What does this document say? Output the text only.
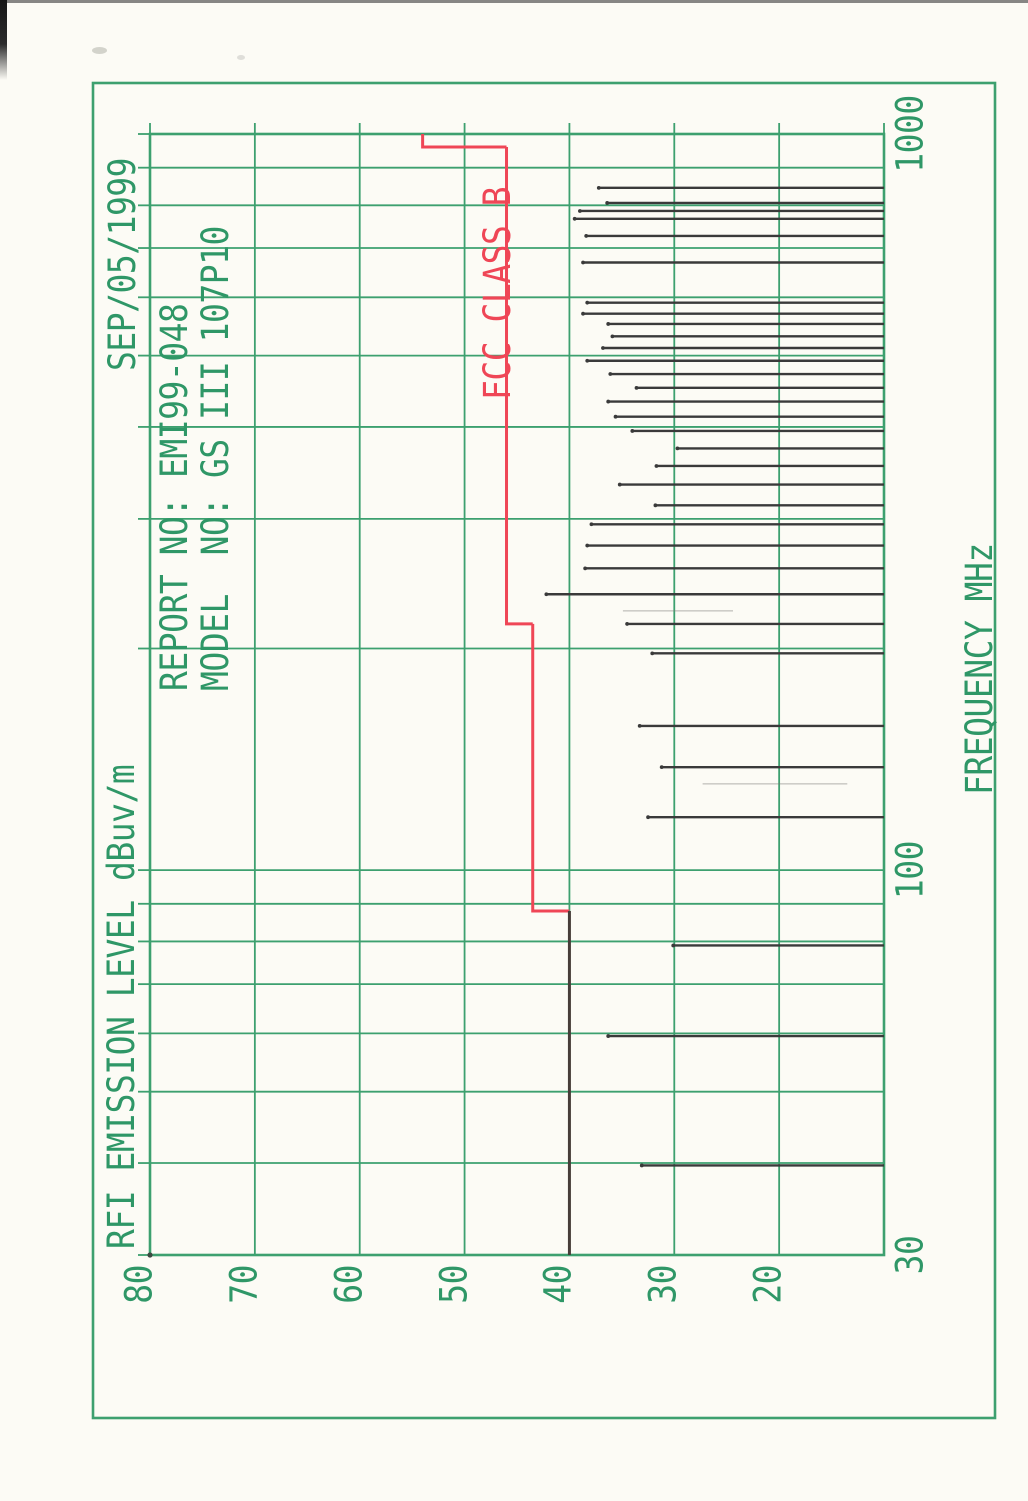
RFI EMISSION LEVEL dBuv/m
SEP/05/1999
REPORT NO: EMI99-048
MODEL  NO: GS III 107P10	FCC CLASS B
FREQUENCY MHz
80 70 60 50 40 30 20
30
100
1000
